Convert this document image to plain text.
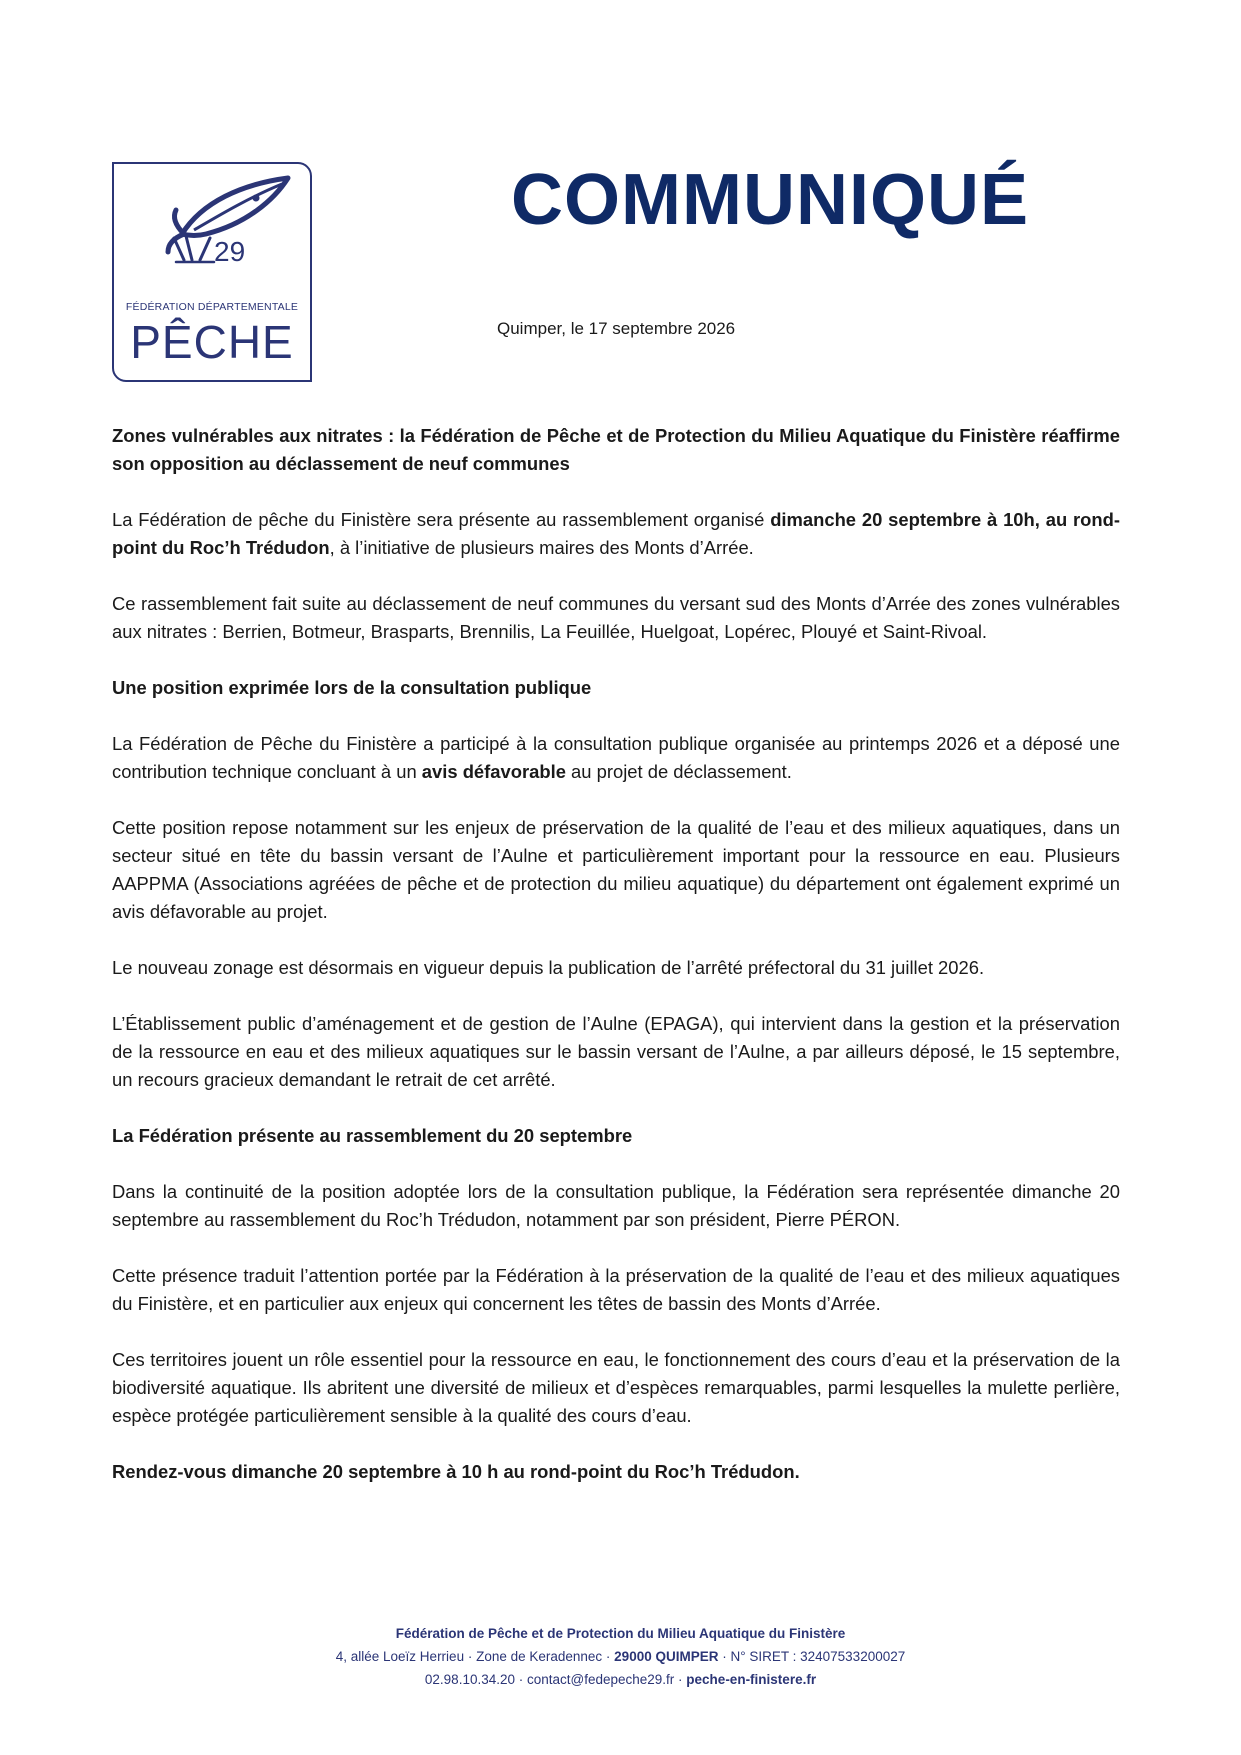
29
FÉDÉRATION DÉPARTEMENTALE
PÊCHE
COMMUNIQUÉ
Quimper, le 17 septembre 2026

Zones vulnérables aux nitrates : la Fédération de Pêche et de Protection du Milieu Aquatique du Finistère réaffirme son opposition au déclassement de neuf communes

La Fédération de pêche du Finistère sera présente au rassemblement organisé dimanche 20 septembre à 10h, au rond-point du Roc’h Trédudon, à l’initiative de plusieurs maires des Monts d’Arrée.

Ce rassemblement fait suite au déclassement de neuf communes du versant sud des Monts d’Arrée des zones vulnérables aux nitrates : Berrien, Botmeur, Brasparts, Brennilis, La Feuillée, Huelgoat, Lopérec, Plouyé et Saint-Rivoal.

Une position exprimée lors de la consultation publique

La Fédération de Pêche du Finistère a participé à la consultation publique organisée au printemps 2026 et a déposé une contribution technique concluant à un avis défavorable au projet de déclassement.

Cette position repose notamment sur les enjeux de préservation de la qualité de l’eau et des milieux aquatiques, dans un secteur situé en tête du bassin versant de l’Aulne et particulièrement important pour la ressource en eau. Plusieurs AAPPMA (Associations agréées de pêche et de protection du milieu aquatique) du département ont également exprimé un avis défavorable au projet.

Le nouveau zonage est désormais en vigueur depuis la publication de l’arrêté préfectoral du 31 juillet 2026.

L’Établissement public d’aménagement et de gestion de l’Aulne (EPAGA), qui intervient dans la gestion et la préservation de la ressource en eau et des milieux aquatiques sur le bassin versant de l’Aulne, a par ailleurs déposé, le 15 septembre, un recours gracieux demandant le retrait de cet arrêté.

La Fédération présente au rassemblement du 20 septembre

Dans la continuité de la position adoptée lors de la consultation publique, la Fédération sera représentée dimanche 20 septembre au rassemblement du Roc’h Trédudon, notamment par son président, Pierre PÉRON.

Cette présence traduit l’attention portée par la Fédération à la préservation de la qualité de l’eau et des milieux aquatiques du Finistère, et en particulier aux enjeux qui concernent les têtes de bassin des Monts d’Arrée.

Ces territoires jouent un rôle essentiel pour la ressource en eau, le fonctionnement des cours d’eau et la préservation de la biodiversité aquatique. Ils abritent une diversité de milieux et d’espèces remarquables, parmi lesquelles la mulette perlière, espèce protégée particulièrement sensible à la qualité des cours d’eau.

Rendez-vous dimanche 20 septembre à 10 h au rond-point du Roc’h Trédudon.

Fédération de Pêche et de Protection du Milieu Aquatique du Finistère
4, allée Loeïz Herrieu · Zone de Keradennec · 29000 QUIMPER · N° SIRET : 32407533200027
02.98.10.34.20 · contact@fedepeche29.fr · peche-en-finistere.fr
